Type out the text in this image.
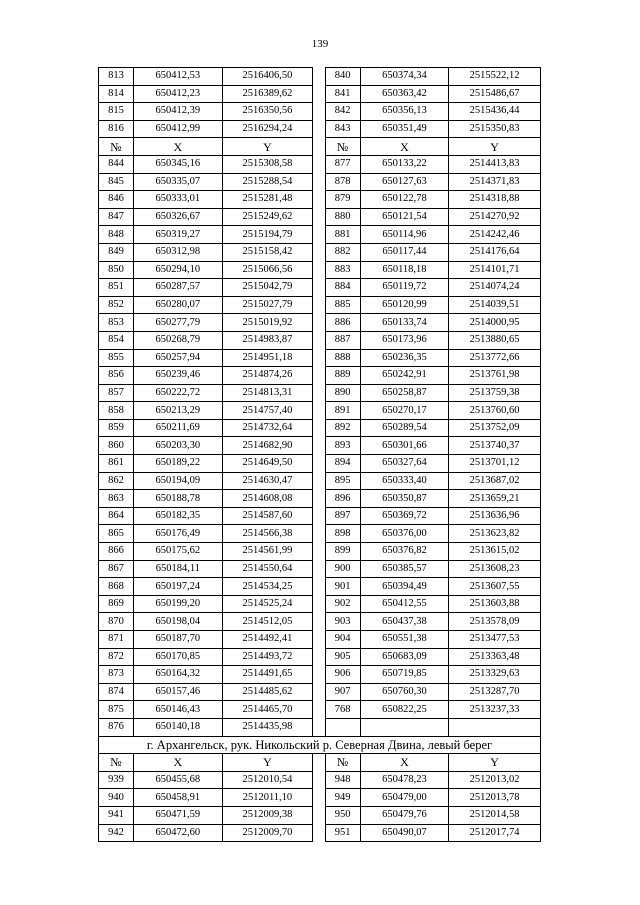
139
813	650412,53	2516406,50		840	650374,34	2515522,12
814	650412,23	2516389,62		841	650363,42	2515486,67
815	650412,39	2516350,56		842	650356,13	2515436,44
816	650412,99	2516294,24		843	650351,49	2515350,83
№	X	Y		№	X	Y
844	650345,16	2515308,58		877	650133,22	2514413,83
845	650335,07	2515288,54		878	650127,63	2514371,83
846	650333,01	2515281,48		879	650122,78	2514318,88
847	650326,67	2515249,62		880	650121,54	2514270,92
848	650319,27	2515194,79		881	650114,96	2514242,46
849	650312,98	2515158,42		882	650117,44	2514176,64
850	650294,10	2515066,56		883	650118,18	2514101,71
851	650287,57	2515042,79		884	650119,72	2514074,24
852	650280,07	2515027,79		885	650120,99	2514039,51
853	650277,79	2515019,92		886	650133,74	2514000,95
854	650268,79	2514983,87		887	650173,96	2513880,65
855	650257,94	2514951,18		888	650236,35	2513772,66
856	650239,46	2514874,26		889	650242,91	2513761,98
857	650222,72	2514813,31		890	650258,87	2513759,38
858	650213,29	2514757,40		891	650270,17	2513760,60
859	650211,69	2514732,64		892	650289,54	2513752,09
860	650203,30	2514682,90		893	650301,66	2513740,37
861	650189,22	2514649,50		894	650327,64	2513701,12
862	650194,09	2514630,47		895	650333,40	2513687,02
863	650188,78	2514608,08		896	650350,87	2513659,21
864	650182,35	2514587,60		897	650369,72	2513636,96
865	650176,49	2514566,38		898	650376,00	2513623,82
866	650175,62	2514561,99		899	650376,82	2513615,02
867	650184,11	2514550,64		900	650385,57	2513608,23
868	650197,24	2514534,25		901	650394,49	2513607,55
869	650199,20	2514525,24		902	650412,55	2513603,88
870	650198,04	2514512,05		903	650437,38	2513578,09
871	650187,70	2514492,41		904	650551,38	2513477,53
872	650170,85	2514493,72		905	650683,09	2513363,48
873	650164,32	2514491,65		906	650719,85	2513329,63
874	650157,46	2514485,62		907	650760,30	2513287,70
875	650146,43	2514465,70		768	650822,25	2513237,33
876	650140,18	2514435,98				
г. Архангельск, рук. Никольский р. Северная Двина, левый берег						
№	X	Y		№	X	Y
939	650455,68	2512010,54		948	650478,23	2512013,02
940	650458,91	2512011,10		949	650479,00	2512013,78
941	650471,59	2512009,38		950	650479,76	2512014,58
942	650472,60	2512009,70		951	650490,07	2512017,74
